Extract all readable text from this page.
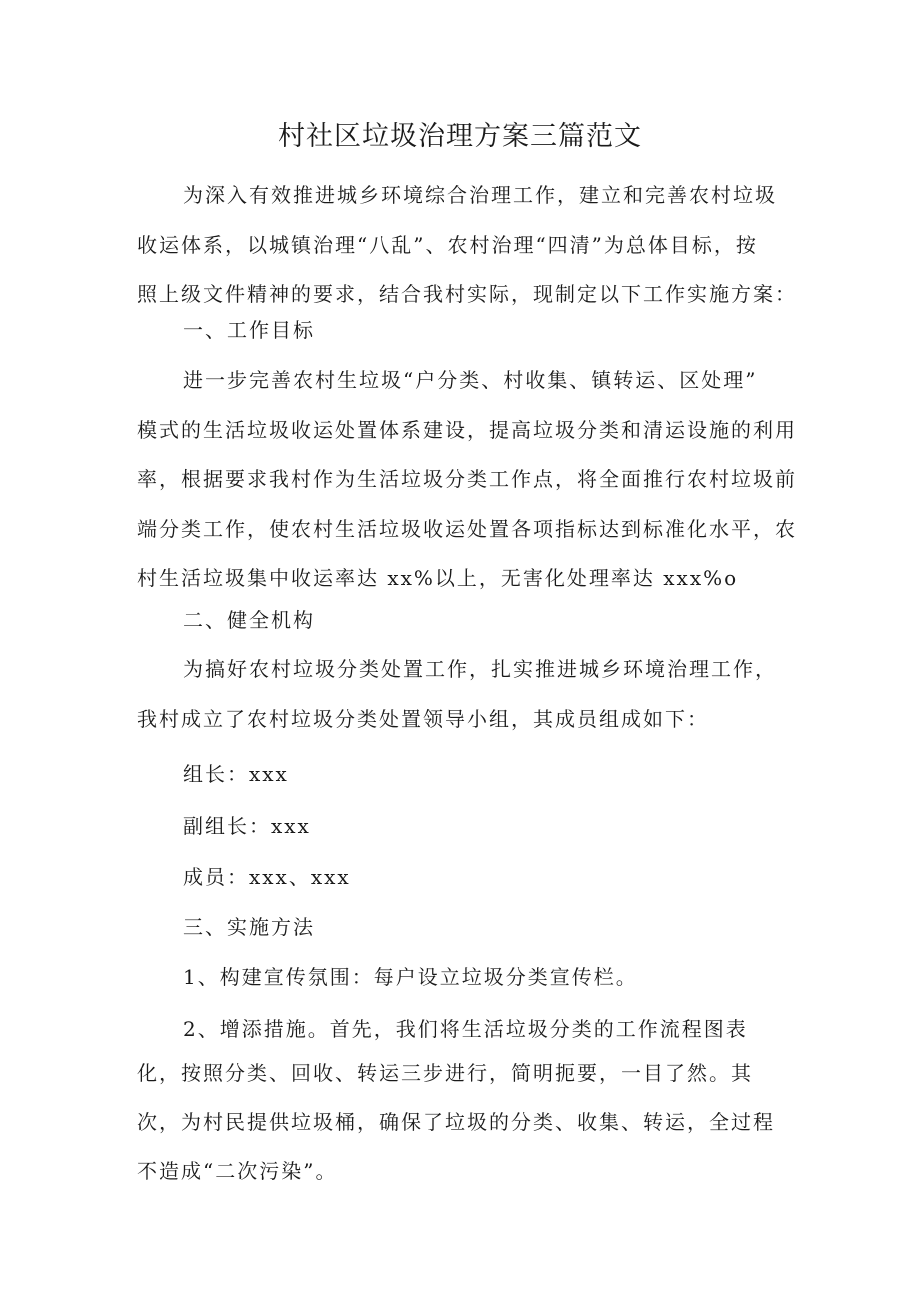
村社区垃圾治理方案三篇范文
为深入有效推进城乡环境综合治理工作，建立和完善农村垃圾
收运体系，以城镇治理“八乱”、农村治理“四清”为总体目标，按
照上级文件精神的要求，结合我村实际，现制定以下工作实施方案：
一、工作目标
进一步完善农村生垃圾“户分类、村收集、镇转运、区处理”
模式的生活垃圾收运处置体系建设，提高垃圾分类和清运设施的利用
率，根据要求我村作为生活垃圾分类工作点，将全面推行农村垃圾前
端分类工作，使农村生活垃圾收运处置各项指标达到标准化水平，农
村生活垃圾集中收运率达 xx%以上，无害化处理率达 xxx%o
二、健全机构
为搞好农村垃圾分类处置工作，扎实推进城乡环境治理工作，
我村成立了农村垃圾分类处置领导小组，其成员组成如下：
组长：xxx
副组长：xxx
成员：xxx、xxx
三、实施方法
1、构建宣传氛围：每户设立垃圾分类宣传栏。
2、增添措施。首先，我们将生活垃圾分类的工作流程图表
化，按照分类、回收、转运三步进行，简明扼要，一目了然。其
次，为村民提供垃圾桶，确保了垃圾的分类、收集、转运，全过程
不造成“二次污染”。
